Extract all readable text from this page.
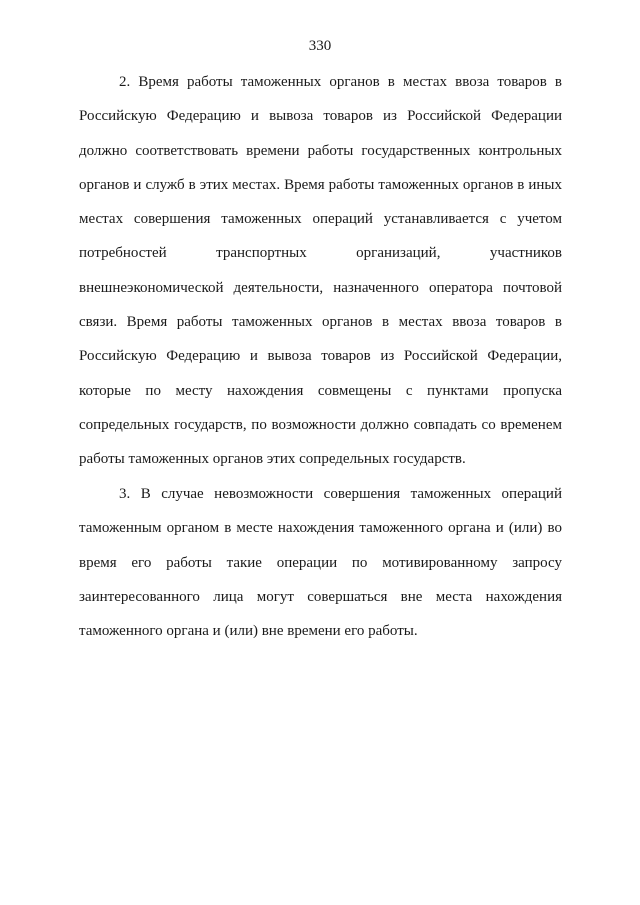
330
2. Время работы таможенных органов в местах ввоза товаров в
Российскую Федерацию и вывоза товаров из Российской Федерации
должно соответствовать времени работы государственных контрольных
органов и служб в этих местах. Время работы таможенных органов в иных
местах совершения таможенных операций устанавливается с учетом
потребностей транспортных организаций, участников
внешнеэкономической деятельности, назначенного оператора почтовой
связи. Время работы таможенных органов в местах ввоза товаров в
Российскую Федерацию и вывоза товаров из Российской Федерации,
которые по месту нахождения совмещены с пунктами пропуска
сопредельных государств, по возможности должно совпадать со временем
работы таможенных органов этих сопредельных государств.
3. В случае невозможности совершения таможенных операций
таможенным органом в месте нахождения таможенного органа и (или) во
время его работы такие операции по мотивированному запросу
заинтересованного лица могут совершаться вне места нахождения
таможенного органа и (или) вне времени его работы.
